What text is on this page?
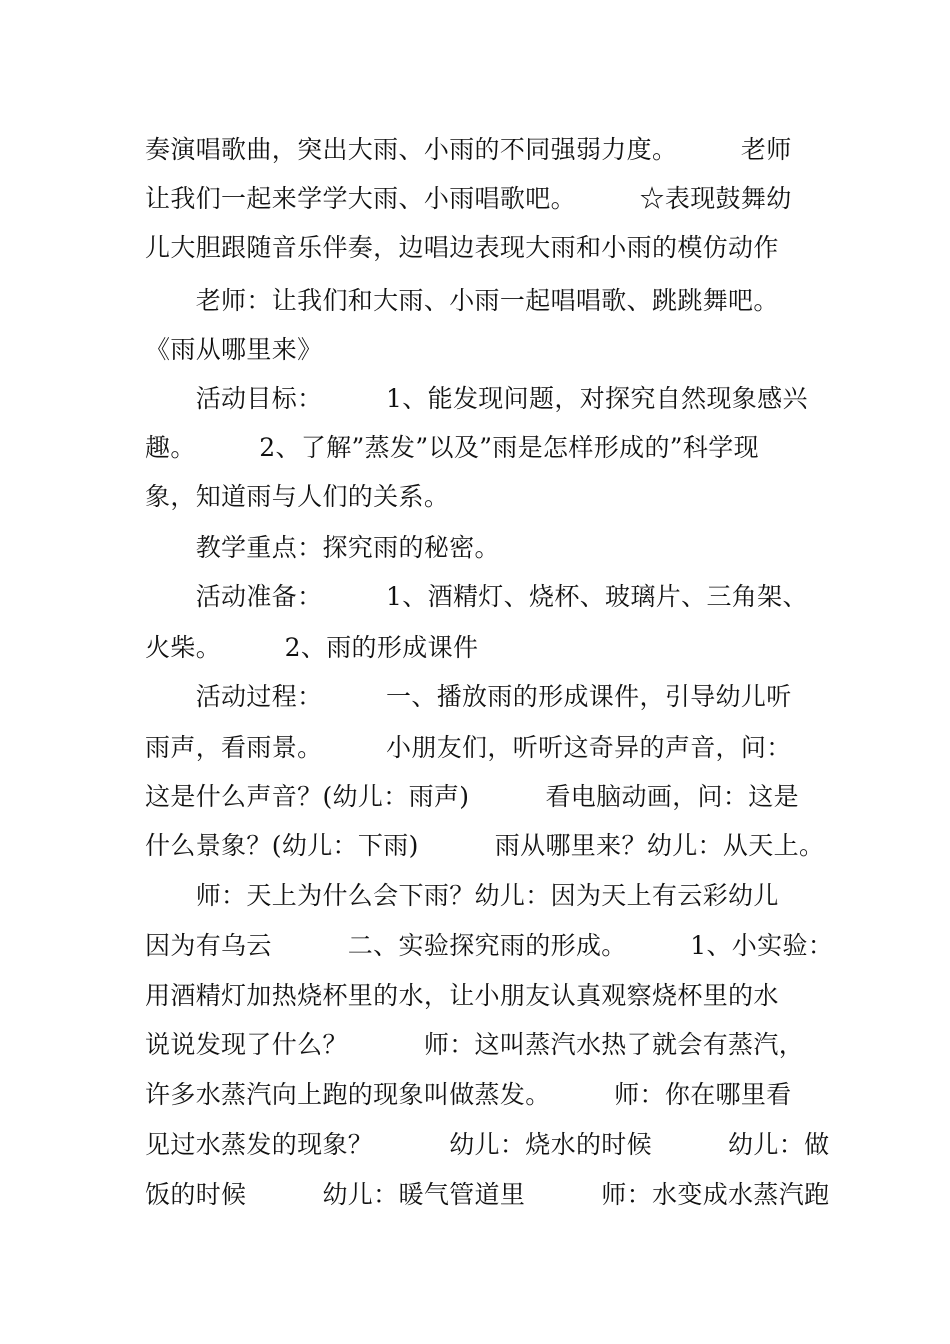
奏演唱歌曲，突出大雨、小雨的不同强弱力度。　　　老师
让我们一起来学学大雨、小雨唱歌吧。　　　☆表现鼓舞幼
儿大胆跟随音乐伴奏，边唱边表现大雨和小雨的模仿动作
　　老师：让我们和大雨、小雨一起唱唱歌、跳跳舞吧。
《雨从哪里来》
　　活动目标：　　　1、能发现问题，对探究自然现象感兴
趣。　　　2、了解”蒸发”以及”雨是怎样形成的”科学现
象，知道雨与人们的关系。
　　教学重点：探究雨的秘密。
　　活动准备：　　　1、酒精灯、烧杯、玻璃片、三角架、
火柴。　　　2、雨的形成课件
　　活动过程：　　　一、播放雨的形成课件，引导幼儿听
雨声，看雨景。　　　小朋友们，听听这奇异的声音，问：
这是什么声音？(幼儿：雨声)　　　看电脑动画，问：这是
什么景象？(幼儿：下雨)　　　雨从哪里来？幼儿：从天上。
　　师：天上为什么会下雨？幼儿：因为天上有云彩幼儿
因为有乌云　　　二、实验探究雨的形成。　　　1、小实验：
用酒精灯加热烧杯里的水，让小朋友认真观察烧杯里的水
说说发现了什么？　　　师：这叫蒸汽水热了就会有蒸汽，
许多水蒸汽向上跑的现象叫做蒸发。　　　师：你在哪里看
见过水蒸发的现象？　　　幼儿：烧水的时候　　　幼儿：做
饭的时候　　　幼儿：暖气管道里　　　师：水变成水蒸汽跑
